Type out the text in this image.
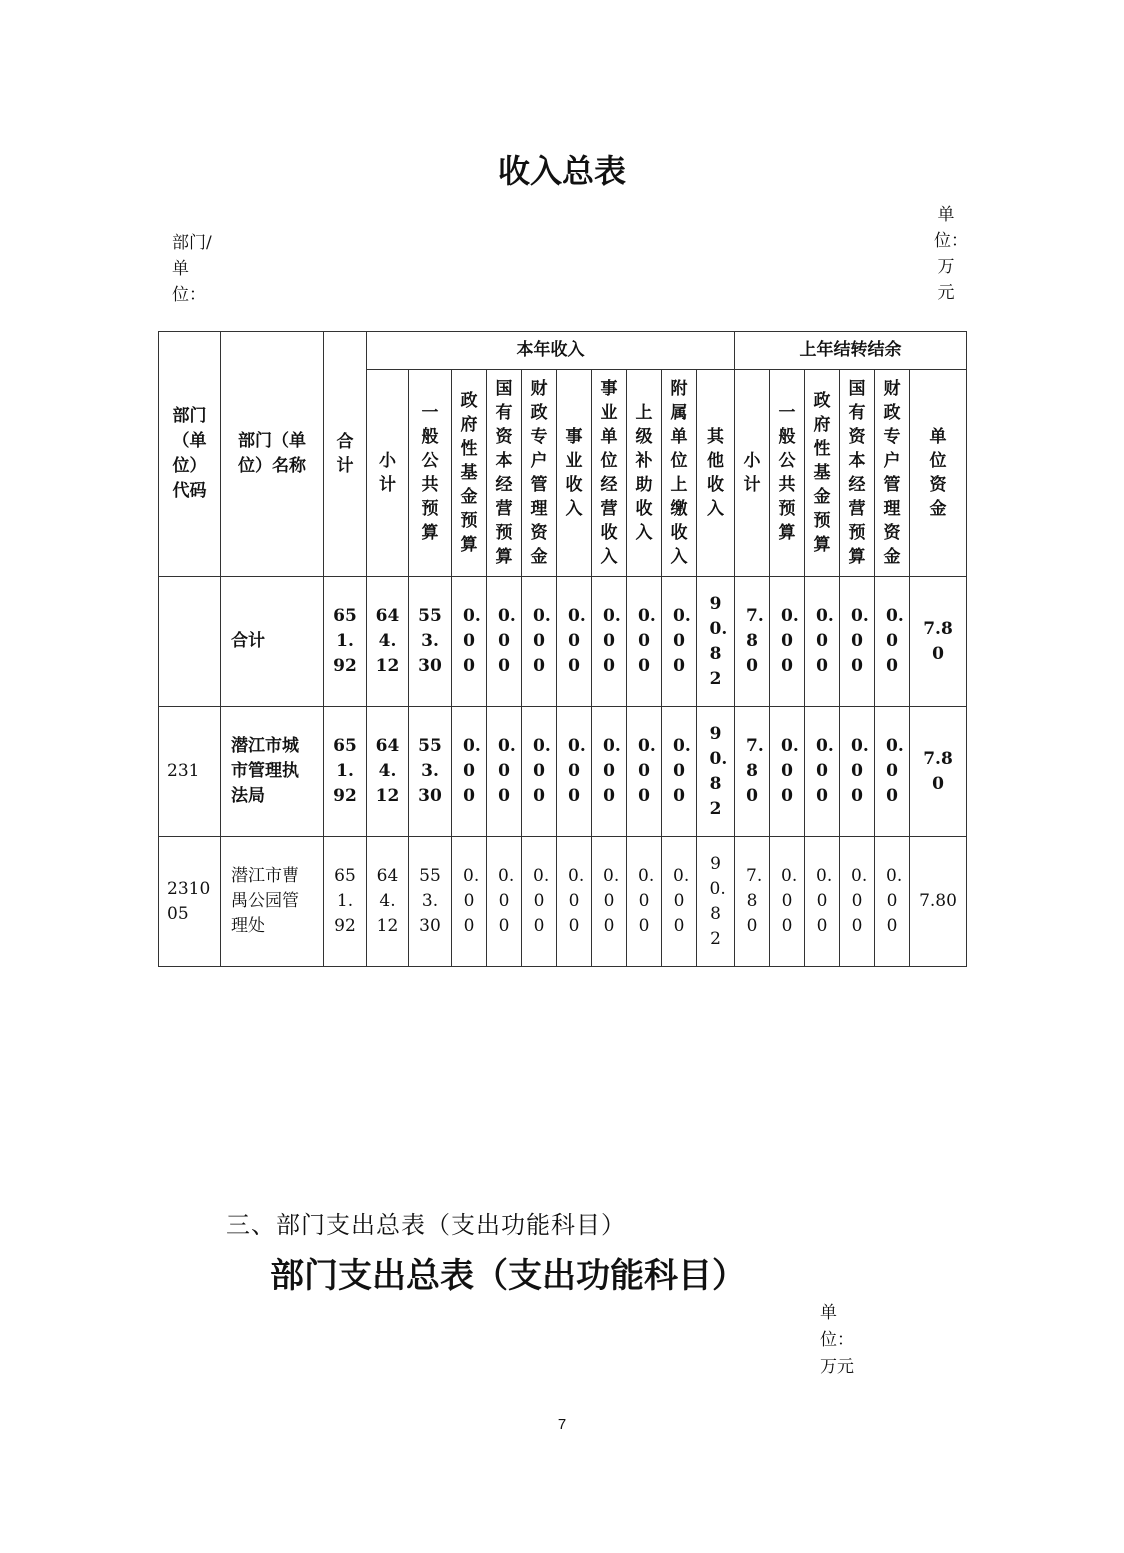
收入总表
部门/单位：
单位：万元
部门（单位）代码	部门（单位）名称	合计	本年收入										上年结转结余					
			小计	一般公共预算	政府性基金预算	国有资本经营预算	财政专户管理资金	事业收入	事业单位经营收入	上级补助收入	附属单位上缴收入	其他收入	小计	一般公共预算	政府性基金预算	国有资本经营预算	财政专户管理资金	单位资金
	合计	651.92	644.12	553.30	0.00	0.00	0.00	0.00	0.00	0.00	0.00	90.82	7.80	0.00	0.00	0.00	0.00	7.80
231	潜江市城市管理执法局	651.92	644.12	553.30	0.00	0.00	0.00	0.00	0.00	0.00	0.00	90.82	7.80	0.00	0.00	0.00	0.00	7.80
231005	潜江市曹禺公园管理处	651.92	644.12	553.30	0.00	0.00	0.00	0.00	0.00	0.00	0.00	90.82	7.80	0.00	0.00	0.00	0.00	7.80
三、部门支出总表（支出功能科目）
部门支出总表（支出功能科目）
单位：万元
7
